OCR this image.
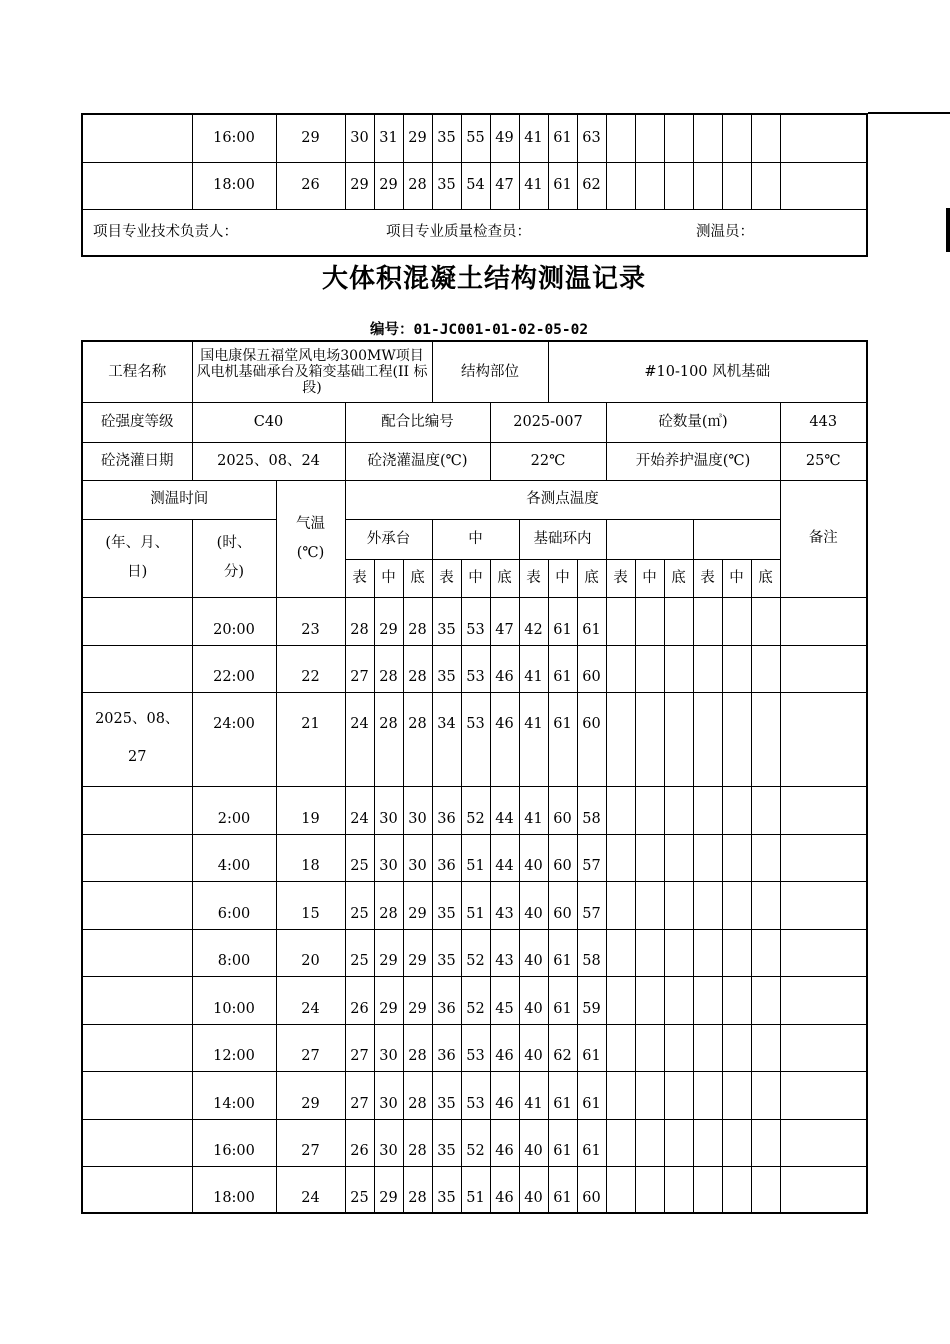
	16:00	29	30	31	29	35	55	49	41	61	63							
	18:00	26	29	29	28	35	54	47	41	61	62							
项目专业技术负责人： 项目专业质量检查员： 测温员：																		
大体积混凝土结构测温记录
编号：01-JC001-01-02-05-02
工程名称	国电康保五福堂风电场300MW项目风电机基础承台及箱变基础工程(II 标段)					结构部位				#10-100 风机基础								
砼强度等级	C40		配合比编号					2025-007				砼数量(㎥)						443
砼浇灌日期	2025、08、24		砼浇灌温度(℃)					22℃				开始养护温度(℃)						25℃
测温时间		气温(℃)	各测点温度															备注
(年、月、日)	(时、分)		外承台			中			基础环内									
			表	中	底	表	中	底	表	中	底	表	中	底	表	中	底	
	20:00	23	28	29	28	35	53	47	42	61	61							
	22:00	22	27	28	28	35	53	46	41	61	60							
2025、08、27	24:00	21	24	28	28	34	53	46	41	61	60							
	2:00	19	24	30	30	36	52	44	41	60	58							
	4:00	18	25	30	30	36	51	44	40	60	57							
	6:00	15	25	28	29	35	51	43	40	60	57							
	8:00	20	25	29	29	35	52	43	40	61	58							
	10:00	24	26	29	29	36	52	45	40	61	59							
	12:00	27	27	30	28	36	53	46	40	62	61							
	14:00	29	27	30	28	35	53	46	41	61	61							
	16:00	27	26	30	28	35	52	46	40	61	61							
	18:00	24	25	29	28	35	51	46	40	61	60							
